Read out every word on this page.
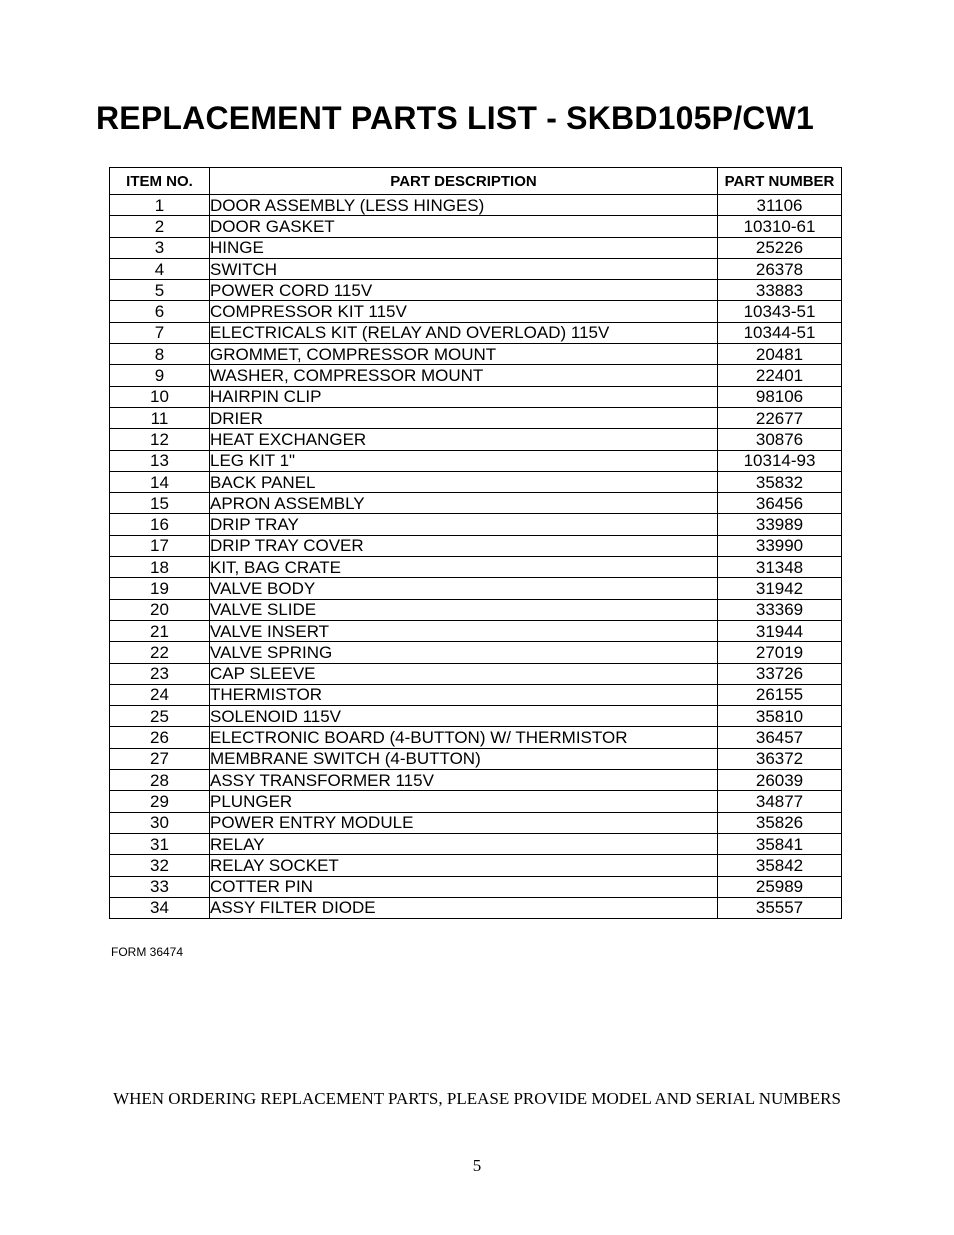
REPLACEMENT PARTS LIST - SKBD105P/CW1
ITEM NO.	PART DESCRIPTION	PART NUMBER
1	DOOR ASSEMBLY (LESS HINGES)	31106
2	DOOR GASKET	10310-61
3	HINGE	25226
4	SWITCH	26378
5	POWER CORD 115V	33883
6	COMPRESSOR KIT 115V	10343-51
7	ELECTRICALS KIT (RELAY AND OVERLOAD) 115V	10344-51
8	GROMMET, COMPRESSOR MOUNT	20481
9	WASHER, COMPRESSOR MOUNT	22401
10	HAIRPIN CLIP	98106
11	DRIER	22677
12	HEAT EXCHANGER	30876
13	LEG KIT 1"	10314-93
14	BACK PANEL	35832
15	APRON ASSEMBLY	36456
16	DRIP TRAY	33989
17	DRIP TRAY COVER	33990
18	KIT, BAG CRATE	31348
19	VALVE BODY	31942
20	VALVE SLIDE	33369
21	VALVE INSERT	31944
22	VALVE SPRING	27019
23	CAP SLEEVE	33726
24	THERMISTOR	26155
25	SOLENOID 115V	35810
26	ELECTRONIC BOARD (4-BUTTON) W/ THERMISTOR	36457
27	MEMBRANE SWITCH (4-BUTTON)	36372
28	ASSY TRANSFORMER 115V	26039
29	PLUNGER	34877
30	POWER ENTRY MODULE	35826
31	RELAY	35841
32	RELAY SOCKET	35842
33	COTTER PIN	25989
34	ASSY FILTER DIODE	35557
FORM 36474
WHEN ORDERING REPLACEMENT PARTS, PLEASE PROVIDE MODEL AND SERIAL NUMBERS
5
